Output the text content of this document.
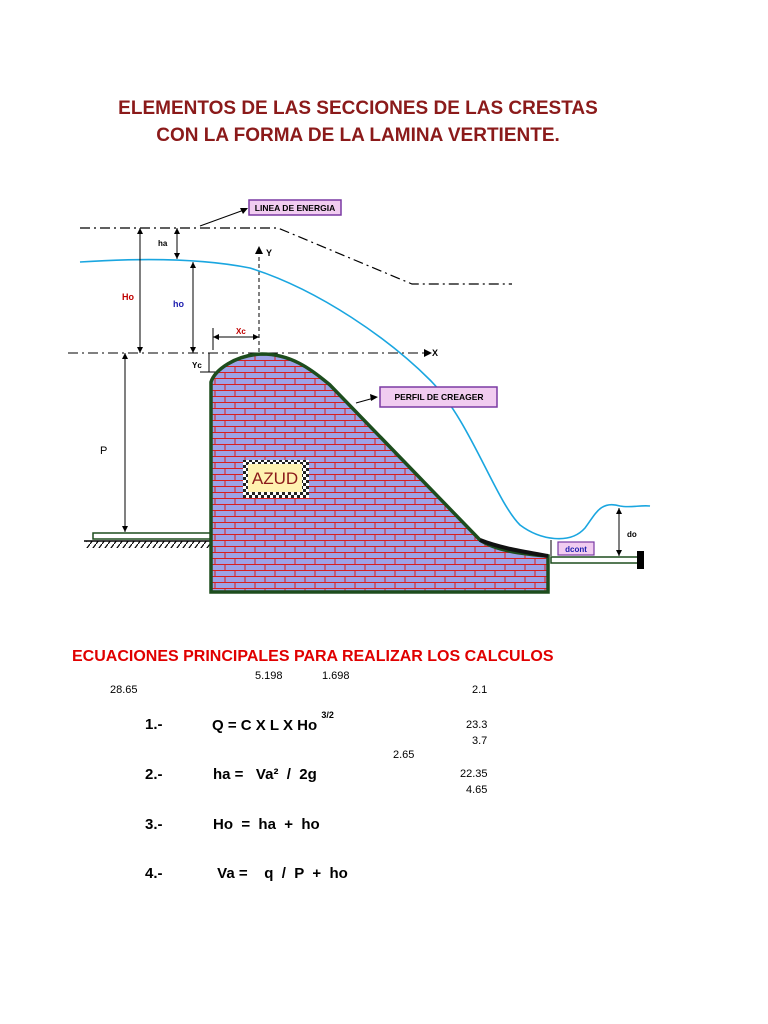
ELEMENTOS DE LAS SECCIONES DE LAS CRESTAS
CON LA FORMA DE LA LAMINA VERTIENTE.
LINEA DE ENERGIA
X
Y
ha
Ho
ho
Xc
Yc
P
AZUD
PERFIL DE CREAGER
dcont
do
ECUACIONES PRINCIPALES PARA REALIZAR LOS CALCULOS
5.198	1.698
28.65	2.1
23.3
3.7
2.65
22.35
4.65
1.-	Q = C X L X Ho $^{3/2}$
2.-	ha =   Va²  /  2g
3.-	Ho  =  ha  +  ho
4.-	Va =    q  /  P  +  ho
